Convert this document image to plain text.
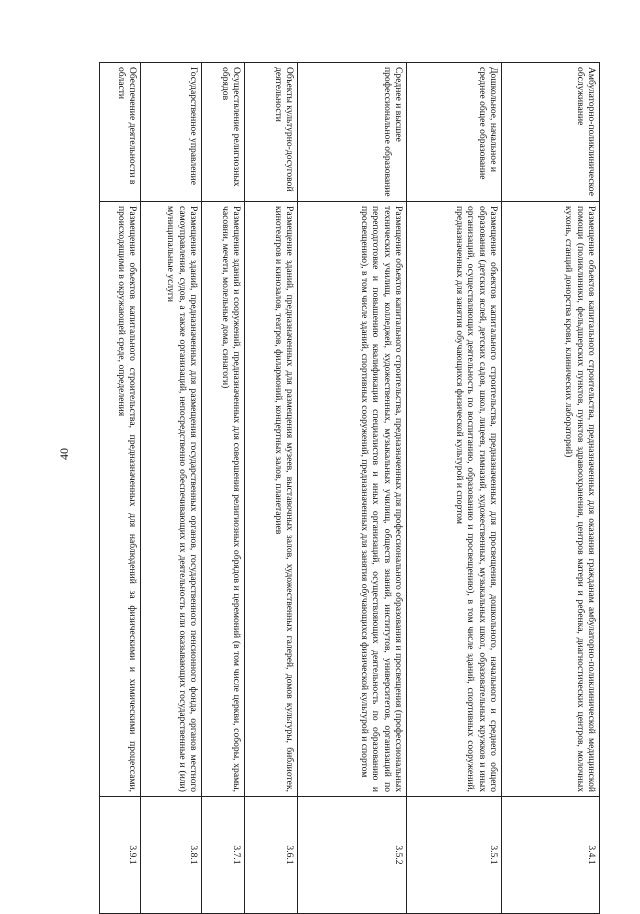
40
Амбулаторно-поликлиническое обслуживание	Размещение объектов капитального строительства, предназначенных для оказания гражданам амбулаторно-поликлинической медицинской помощи (поликлиники, фельдшерских пунктов, пунктов здравоохранения, центров матери и ребенка, диагностических центров, молочных кухонь, станций донорства крови, клинических лабораторий)	3.4.1
Дошкольное, начальное и среднее общее образование	Размещение объектов капитального строительства, предназначенных для просвещения, дошкольного, начального и среднего общего образования (детских яслей, детских садов, школ, лицеев, гимназий, художественных, музыкальных школ, образовательных кружков и иных организаций, осуществляющих деятельность по воспитанию, образованию и просвещению), в том числе зданий, спортивных сооружений, предназначенных для занятия обучающихся физической культурой и спортом	3.5.1
Среднее и высшее профессиональное образование	Размещение объектов капитального строительства, предназначенных для профессионального образования и просвещения (профессиональных технических училищ, колледжей, художественных, музыкальных училищ, обществ знаний, институтов, университетов, организаций по переподготовке и повышению квалификации специалистов и иных организаций, осуществляющих деятельность по образованию и просвещению), в том числе зданий, спортивных сооружений, предназначенных для занятия обучающихся физической культурой и спортом	3.5.2
Объекты культурно-досуговой деятельности	Размещение зданий, предназначенных для размещения музеев, выставочных залов, художественных галерей, домов культуры, библиотек, кинотеатров и кинозалов, театров, филармоний, концертных залов, планетариев	3.6.1
Осуществление религиозных обрядов	Размещение зданий и сооружений, предназначенных для совершения религиозных обрядов и церемоний (в том числе церкви, соборы, храмы, часовни, мечети, молельные дома, синагоги)	3.7.1
Государственное управление	Размещение зданий, предназначенных для размещения государственных органов, государственного пенсионного фонда, органов местного самоуправления, судов, а также организаций, непосредственно обеспечивающих их деятельность или оказывающих государственные и (или) муниципальные услуги	3.8.1
Обеспечение деятельности в области	Размещение объектов капитального строительства, предназначенных для наблюдений за физическими и химическими процессами, происходящими в окружающей среде, определения	3.9.1
